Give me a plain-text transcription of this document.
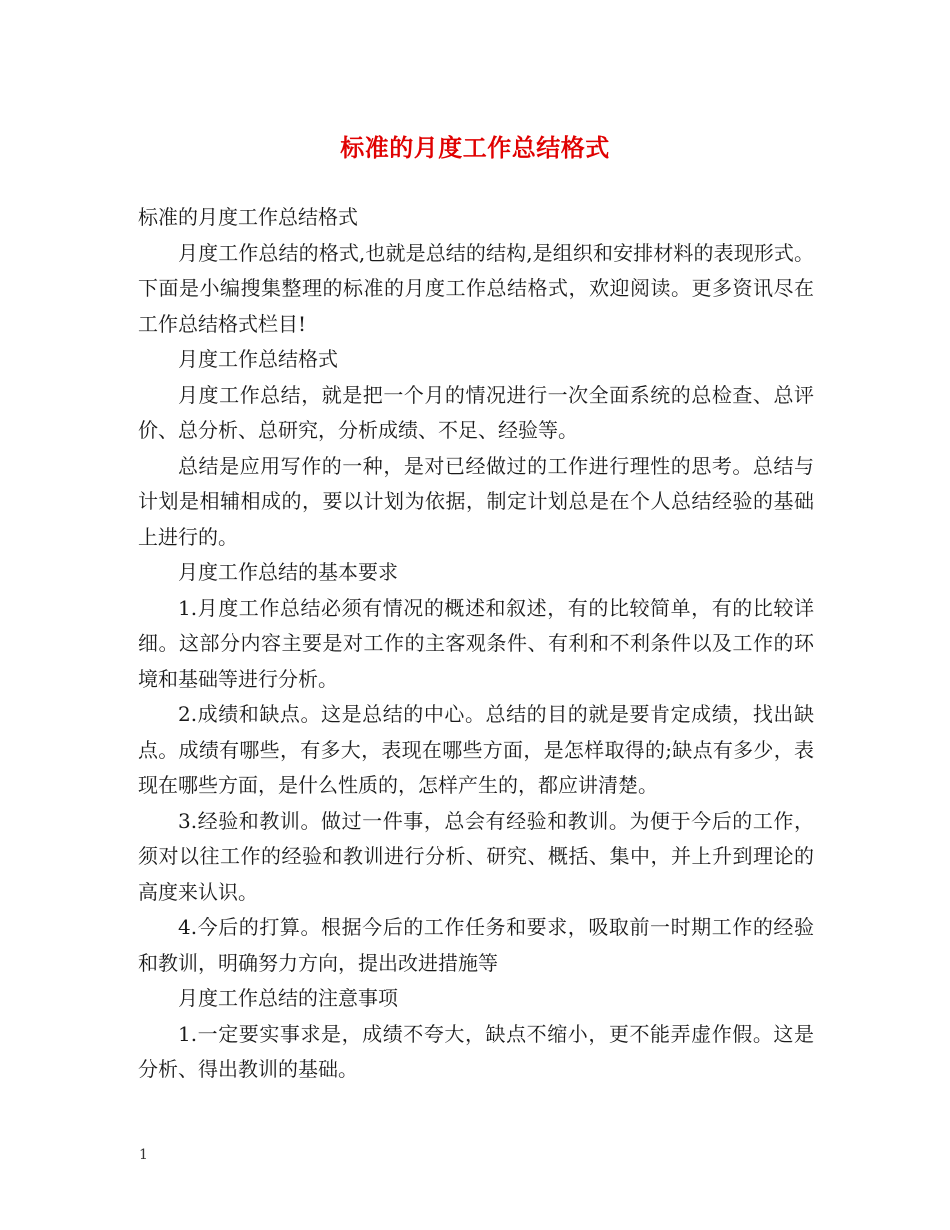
标准的月度工作总结格式

标准的月度工作总结格式

月度工作总结的格式,也就是总结的结构,是组织和安排材料的表现形式。下面是小编搜集整理的标准的月度工作总结格式，欢迎阅读。更多资讯尽在工作总结格式栏目!

月度工作总结格式

月度工作总结，就是把一个月的情况进行一次全面系统的总检查、总评价、总分析、总研究，分析成绩、不足、经验等。

总结是应用写作的一种，是对已经做过的工作进行理性的思考。总结与计划是相辅相成的，要以计划为依据，制定计划总是在个人总结经验的基础上进行的。

月度工作总结的基本要求

1.月度工作总结必须有情况的概述和叙述，有的比较简单，有的比较详细。这部分内容主要是对工作的主客观条件、有利和不利条件以及工作的环境和基础等进行分析。

2.成绩和缺点。这是总结的中心。总结的目的就是要肯定成绩，找出缺点。成绩有哪些，有多大，表现在哪些方面，是怎样取得的;缺点有多少，表现在哪些方面，是什么性质的，怎样产生的，都应讲清楚。

3.经验和教训。做过一件事，总会有经验和教训。为便于今后的工作，须对以往工作的经验和教训进行分析、研究、概括、集中，并上升到理论的高度来认识。

4.今后的打算。根据今后的工作任务和要求，吸取前一时期工作的经验和教训，明确努力方向，提出改进措施等

月度工作总结的注意事项

1.一定要实事求是，成绩不夸大，缺点不缩小，更不能弄虚作假。这是分析、得出教训的基础。

1
